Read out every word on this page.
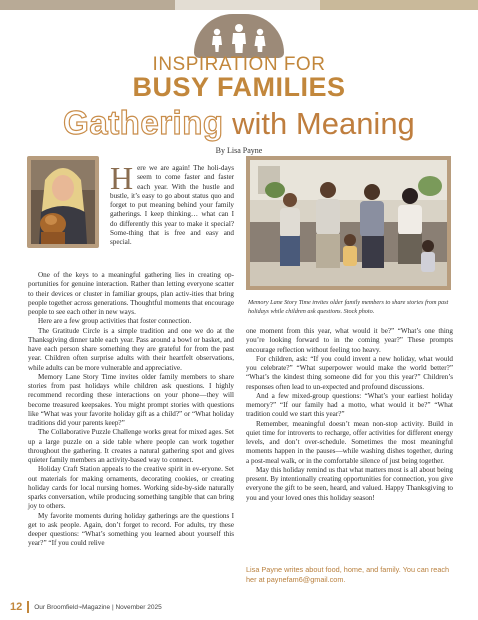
INSPIRATION FOR
BUSY FAMILIES
Gathering with Meaning
By Lisa Payne
Memory Lane Story Time invites older family members to share stories from past holidays while children ask questions. Stock photo.

Here we are again! The holi-days seem to come faster and faster each year. With the hustle and bustle, it’s easy to go about status quo and forget to put meaning behind your family gatherings. I keep thinking… what can I do differently this year to make it special? Some-thing that is free and easy and special.

One of the keys to a meaningful gathering lies in creating op-portunities for genuine interaction. Rather than letting everyone scatter to their devices or cluster in familiar groups, plan activ-ities that bring people together across generations. Thoughtful moments that encourage people to see each other in new ways.

Here are a few group activities that foster connection.

The Gratitude Circle is a simple tradition and one we do at the Thanksgiving dinner table each year. Pass around a bowl or basket, and have each person share something they are grateful for from the past year. Children often surprise adults with their heartfelt observations, while adults can be more vulnerable and appreciative.

Memory Lane Story Time invites older family members to share stories from past holidays while children ask questions. I highly recommend recording these interactions on your phone—they will become treasured keepsakes. You might prompt stories with questions like “What was your favorite holiday gift as a child?” or “What holiday traditions did your parents keep?”

The Collaborative Puzzle Challenge works great for mixed ages. Set up a large puzzle on a side table where people can work together throughout the gathering. It creates a natural gathering spot and gives quieter family members an activity-based way to connect.

Holiday Craft Station appeals to the creative spirit in ev-eryone. Set out materials for making ornaments, decorating cookies, or creating holiday cards for local nursing homes. Working side-by-side naturally sparks conversation, while producing something tangible that can bring joy to others.

My favorite moments during holiday gatherings are the questions I get to ask people. Again, don’t forget to record. For adults, try these deeper questions: “What’s something you learned about yourself this year?” “If you could relive

one moment from this year, what would it be?” “What’s one thing you’re looking forward to in the coming year?” These prompts encourage reflection without feeling too heavy.

For children, ask: “If you could invent a new holiday, what would you celebrate?” “What superpower would make the world better?” “What’s the kindest thing someone did for you this year?” Children’s responses often lead to un-expected and profound discussions.

And a few mixed-group questions: “What’s your earliest holiday memory?” “If our family had a motto, what would it be?” “What tradition could we start this year?”

Remember, meaningful doesn’t mean non-stop activity. Build in quiet time for introverts to recharge, offer activities for different energy levels, and don’t over-schedule. Sometimes the most meaningful moments happen in the pauses—while washing dishes together, during a post-meal walk, or in the comfortable silence of just being together.

May this holiday remind us that what matters most is all about being present. By intentionally creating opportunities for connection, you give everyone the gift to be seen, heard, and valued. Happy Thanksgiving to you and your loved ones this holiday season!

Lisa Payne writes about food, home, and family. You can reach her at paynefam6@gmail.com.
12 Our Broomfield ™ Magazine | November 2025
